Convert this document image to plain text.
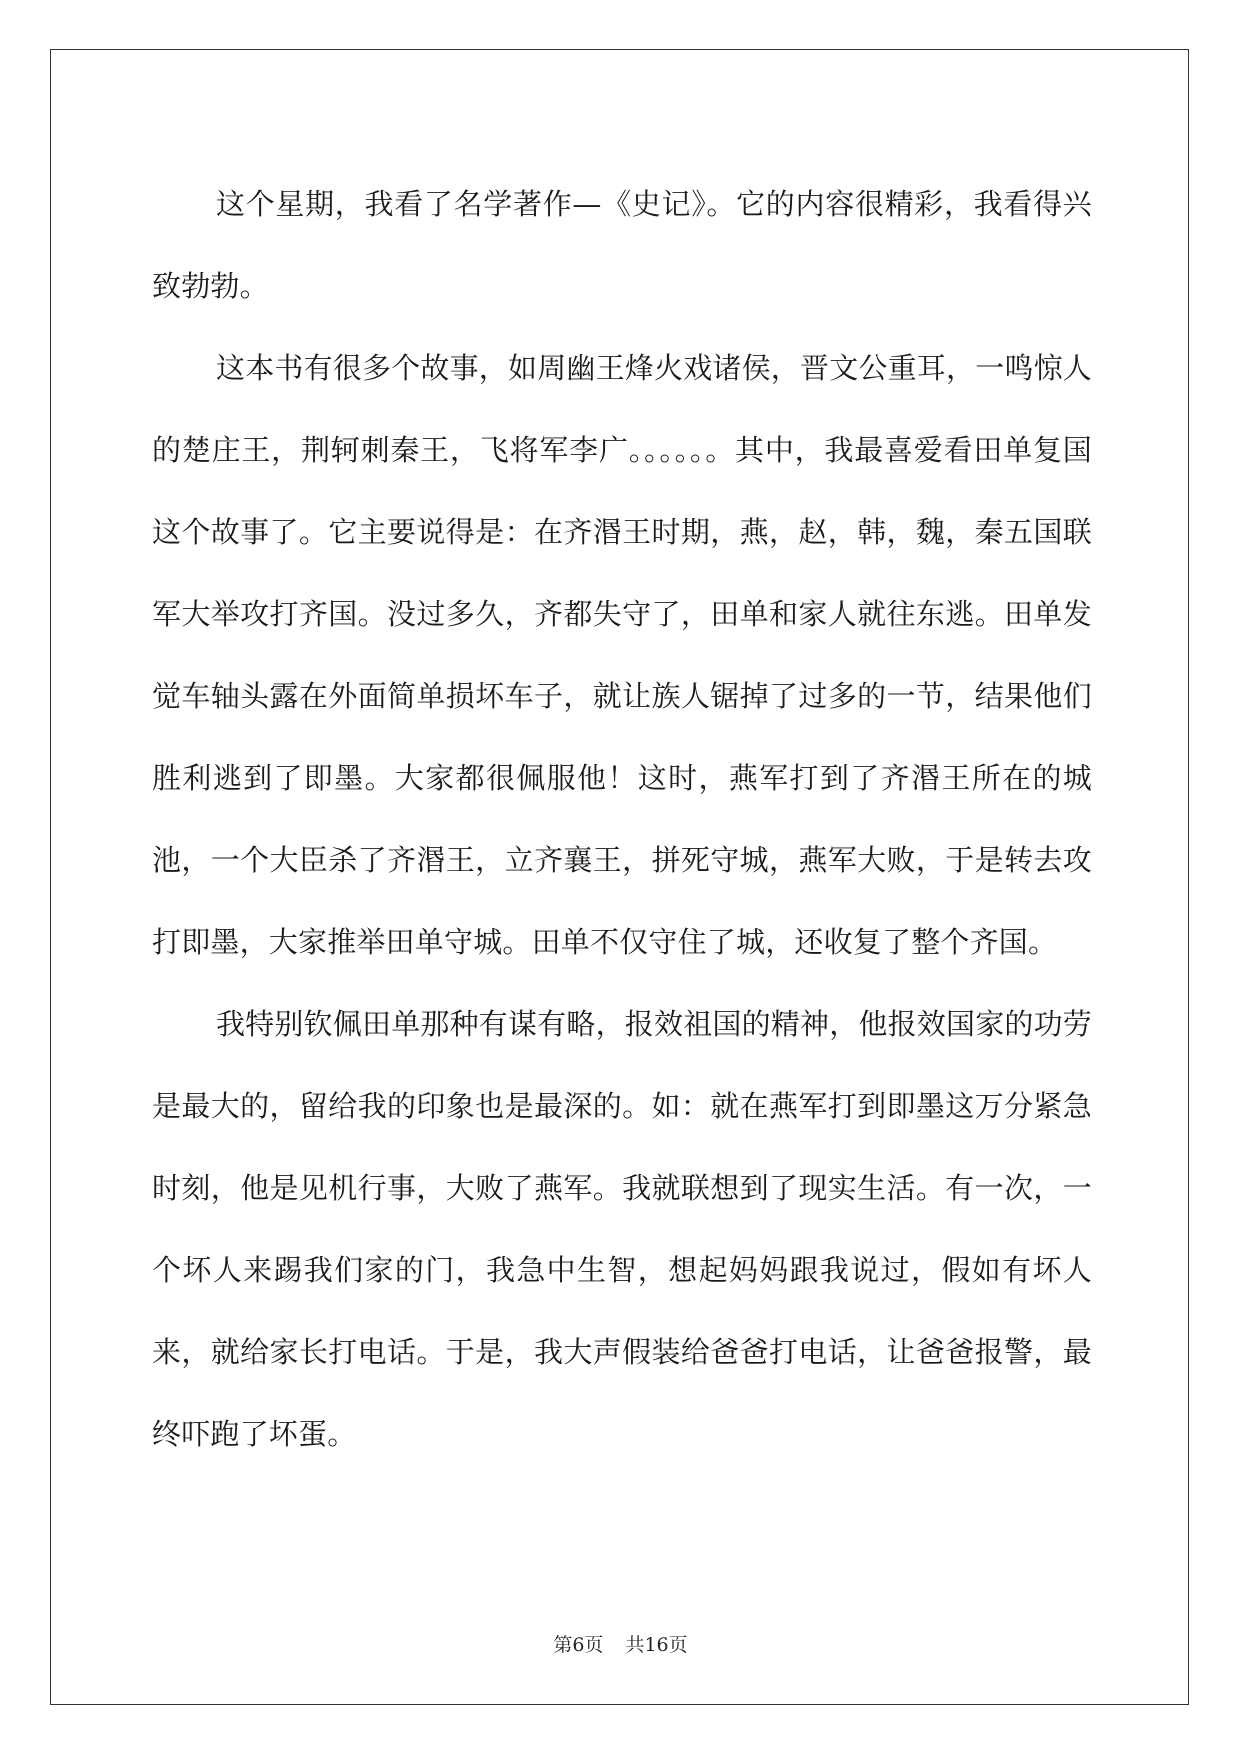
这个星期，我看了名学著作—《史记》。它的内容很精彩，我看得兴致勃勃。

这本书有很多个故事，如周幽王烽火戏诸侯，晋文公重耳，一鸣惊人的楚庄王，荆轲刺秦王，飞将军李广。。。。。。其中，我最喜爱看田单复国这个故事了。它主要说得是：在齐湣王时期，燕，赵，韩，魏，秦五国联军大举攻打齐国。没过多久，齐都失守了，田单和家人就往东逃。田单发觉车轴头露在外面简单损坏车子，就让族人锯掉了过多的一节，结果他们胜利逃到了即墨。大家都很佩服他！这时，燕军打到了齐湣王所在的城池，一个大臣杀了齐湣王，立齐襄王，拼死守城，燕军大败，于是转去攻打即墨，大家推举田单守城。田单不仅守住了城，还收复了整个齐国。

我特别钦佩田单那种有谋有略，报效祖国的精神，他报效国家的功劳是最大的，留给我的印象也是最深的。如：就在燕军打到即墨这万分紧急时刻，他是见机行事，大败了燕军。我就联想到了现实生活。有一次，一个坏人来踢我们家的门，我急中生智，想起妈妈跟我说过，假如有坏人来，就给家长打电话。于是，我大声假装给爸爸打电话，让爸爸报警，最终吓跑了坏蛋。

第6页 共16页
